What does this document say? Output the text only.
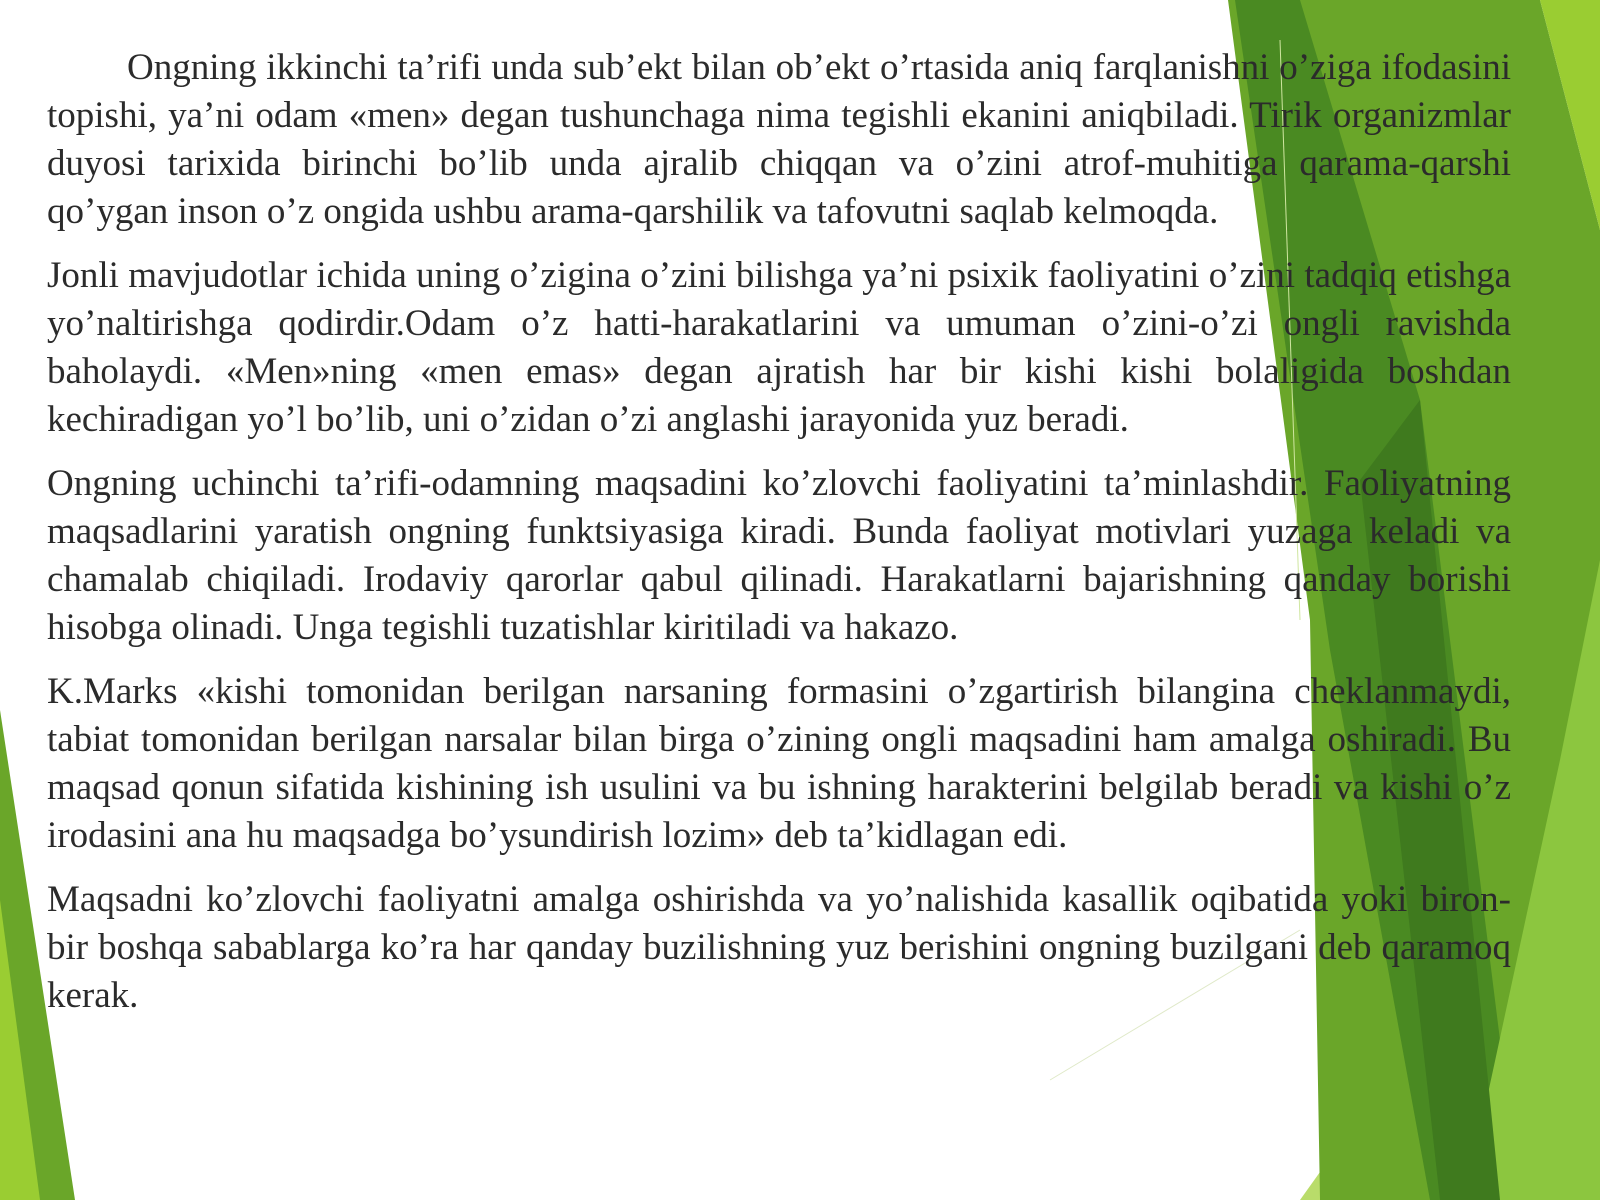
Ongning ikkinchi ta’rifi unda sub’ekt bilan ob’ekt o’rtasida aniq farqlanishni o’ziga ifodasini topishi, ya’ni odam «men» degan tushunchaga nima tegishli ekanini aniqbiladi. Tirik organizmlar duyosi tarixida birinchi bo’lib unda ajralib chiqqan va o’zini atrof-muhitiga qarama-qarshi qo’ygan inson o’z ongida ushbu arama-qarshilik va tafovutni saqlab kelmoqda.

Jonli mavjudotlar ichida uning o’zigina o’zini bilishga ya’ni psixik faoliyatini o’zini tadqiq etishga yo’naltirishga qodirdir.Odam o’z hatti-harakatlarini va umuman o’zini-o’zi ongli ravishda baholaydi. «Men»ning «men emas» degan ajratish har bir kishi kishi bolaligida boshdan kechiradigan yo’l bo’lib, uni o’zidan o’zi anglashi jarayonida yuz beradi.

Ongning uchinchi ta’rifi-odamning maqsadini ko’zlovchi faoliyatini ta’minlashdir. Faoliyatning maqsadlarini yaratish ongning funktsiyasiga kiradi. Bunda faoliyat motivlari yuzaga keladi va chamalab chiqiladi. Irodaviy qarorlar qabul qilinadi. Harakatlarni bajarishning qanday borishi hisobga olinadi. Unga tegishli tuzatishlar kiritiladi va hakazo.

K.Marks «kishi tomonidan berilgan narsaning formasini o’zgartirish bilangina cheklanmaydi, tabiat tomonidan berilgan narsalar bilan birga o’zining ongli maqsadini ham amalga oshiradi. Bu maqsad qonun sifatida kishining ish usulini va bu ishning harakterini belgilab beradi va kishi o’z irodasini ana hu maqsadga bo’ysundirish lozim» deb ta’kidlagan edi.

Maqsadni ko’zlovchi faoliyatni amalga oshirishda va yo’nalishida kasallik oqibatida yoki biron-bir boshqa sabablarga ko’ra har qanday buzilishning yuz berishini ongning buzilgani deb qaramoq kerak.
